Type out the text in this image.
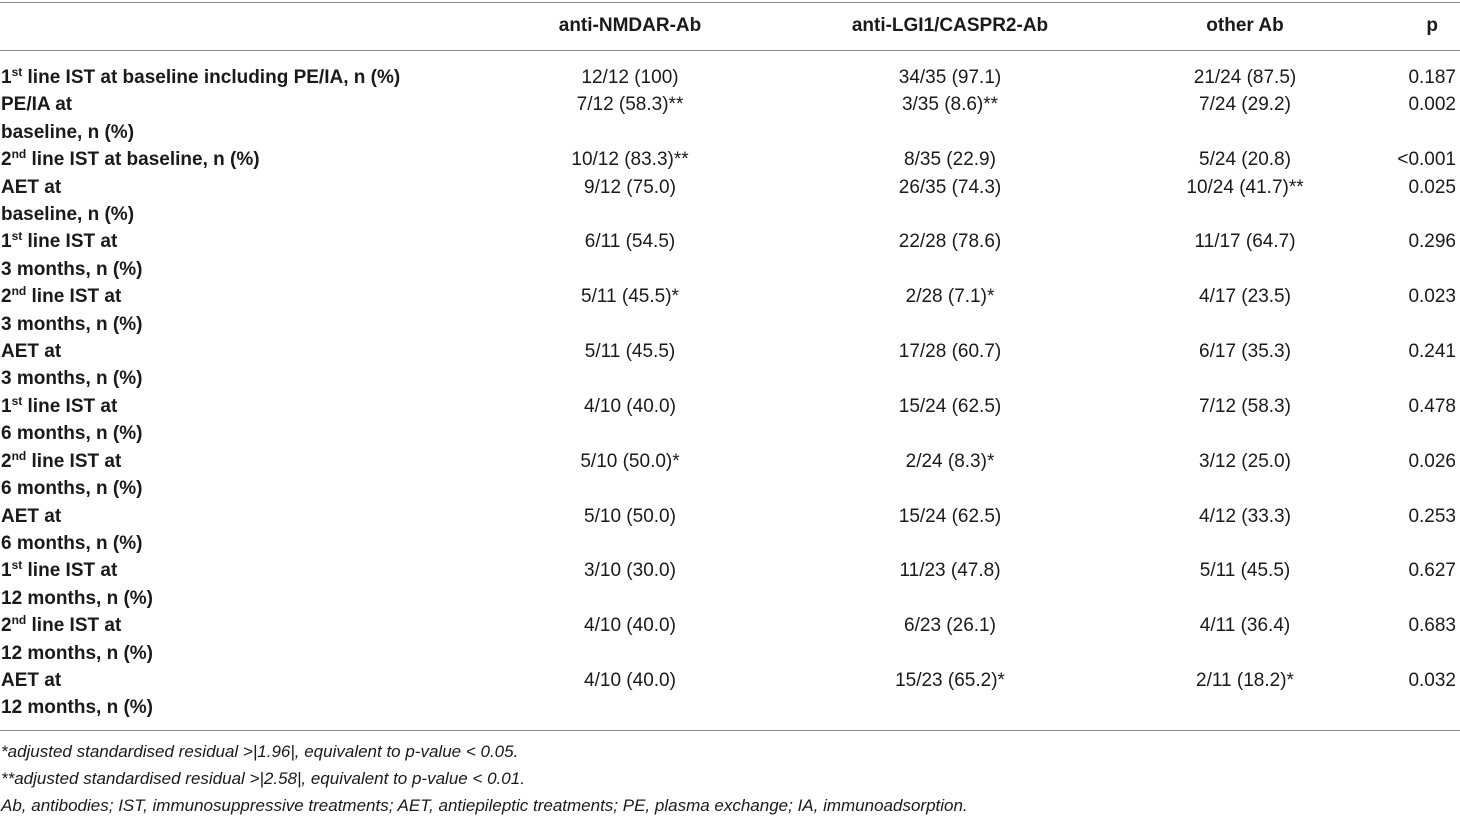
	anti-NMDAR-Ab	anti-LGI1/CASPR2-Ab	other Ab	p
1st line IST at baseline including PE/IA, n (%)	12/12 (100)	34/35 (97.1)	21/24 (87.5)	0.187
PE/IA at
baseline, n (%)	7/12 (58.3)**	3/35 (8.6)**	7/24 (29.2)	0.002
2nd line IST at baseline, n (%)	10/12 (83.3)**	8/35 (22.9)	5/24 (20.8)	<0.001
AET at
baseline, n (%)	9/12 (75.0)	26/35 (74.3)	10/24 (41.7)**	0.025
1st line IST at
3 months, n (%)	6/11 (54.5)	22/28 (78.6)	11/17 (64.7)	0.296
2nd line IST at
3 months, n (%)	5/11 (45.5)*	2/28 (7.1)*	4/17 (23.5)	0.023
AET at
3 months, n (%)	5/11 (45.5)	17/28 (60.7)	6/17 (35.3)	0.241
1st line IST at
6 months, n (%)	4/10 (40.0)	15/24 (62.5)	7/12 (58.3)	0.478
2nd line IST at
6 months, n (%)	5/10 (50.0)*	2/24 (8.3)*	3/12 (25.0)	0.026
AET at
6 months, n (%)	5/10 (50.0)	15/24 (62.5)	4/12 (33.3)	0.253
1st line IST at
12 months, n (%)	3/10 (30.0)	11/23 (47.8)	5/11 (45.5)	0.627
2nd line IST at
12 months, n (%)	4/10 (40.0)	6/23 (26.1)	4/11 (36.4)	0.683
AET at
12 months, n (%)	4/10 (40.0)	15/23 (65.2)*	2/11 (18.2)*	0.032
*adjusted standardised residual >|1.96|, equivalent to p-value < 0.05.
**adjusted standardised residual >|2.58|, equivalent to p-value < 0.01.
Ab, antibodies; IST, immunosuppressive treatments; AET, antiepileptic treatments; PE, plasma exchange; IA, immunoadsorption.
